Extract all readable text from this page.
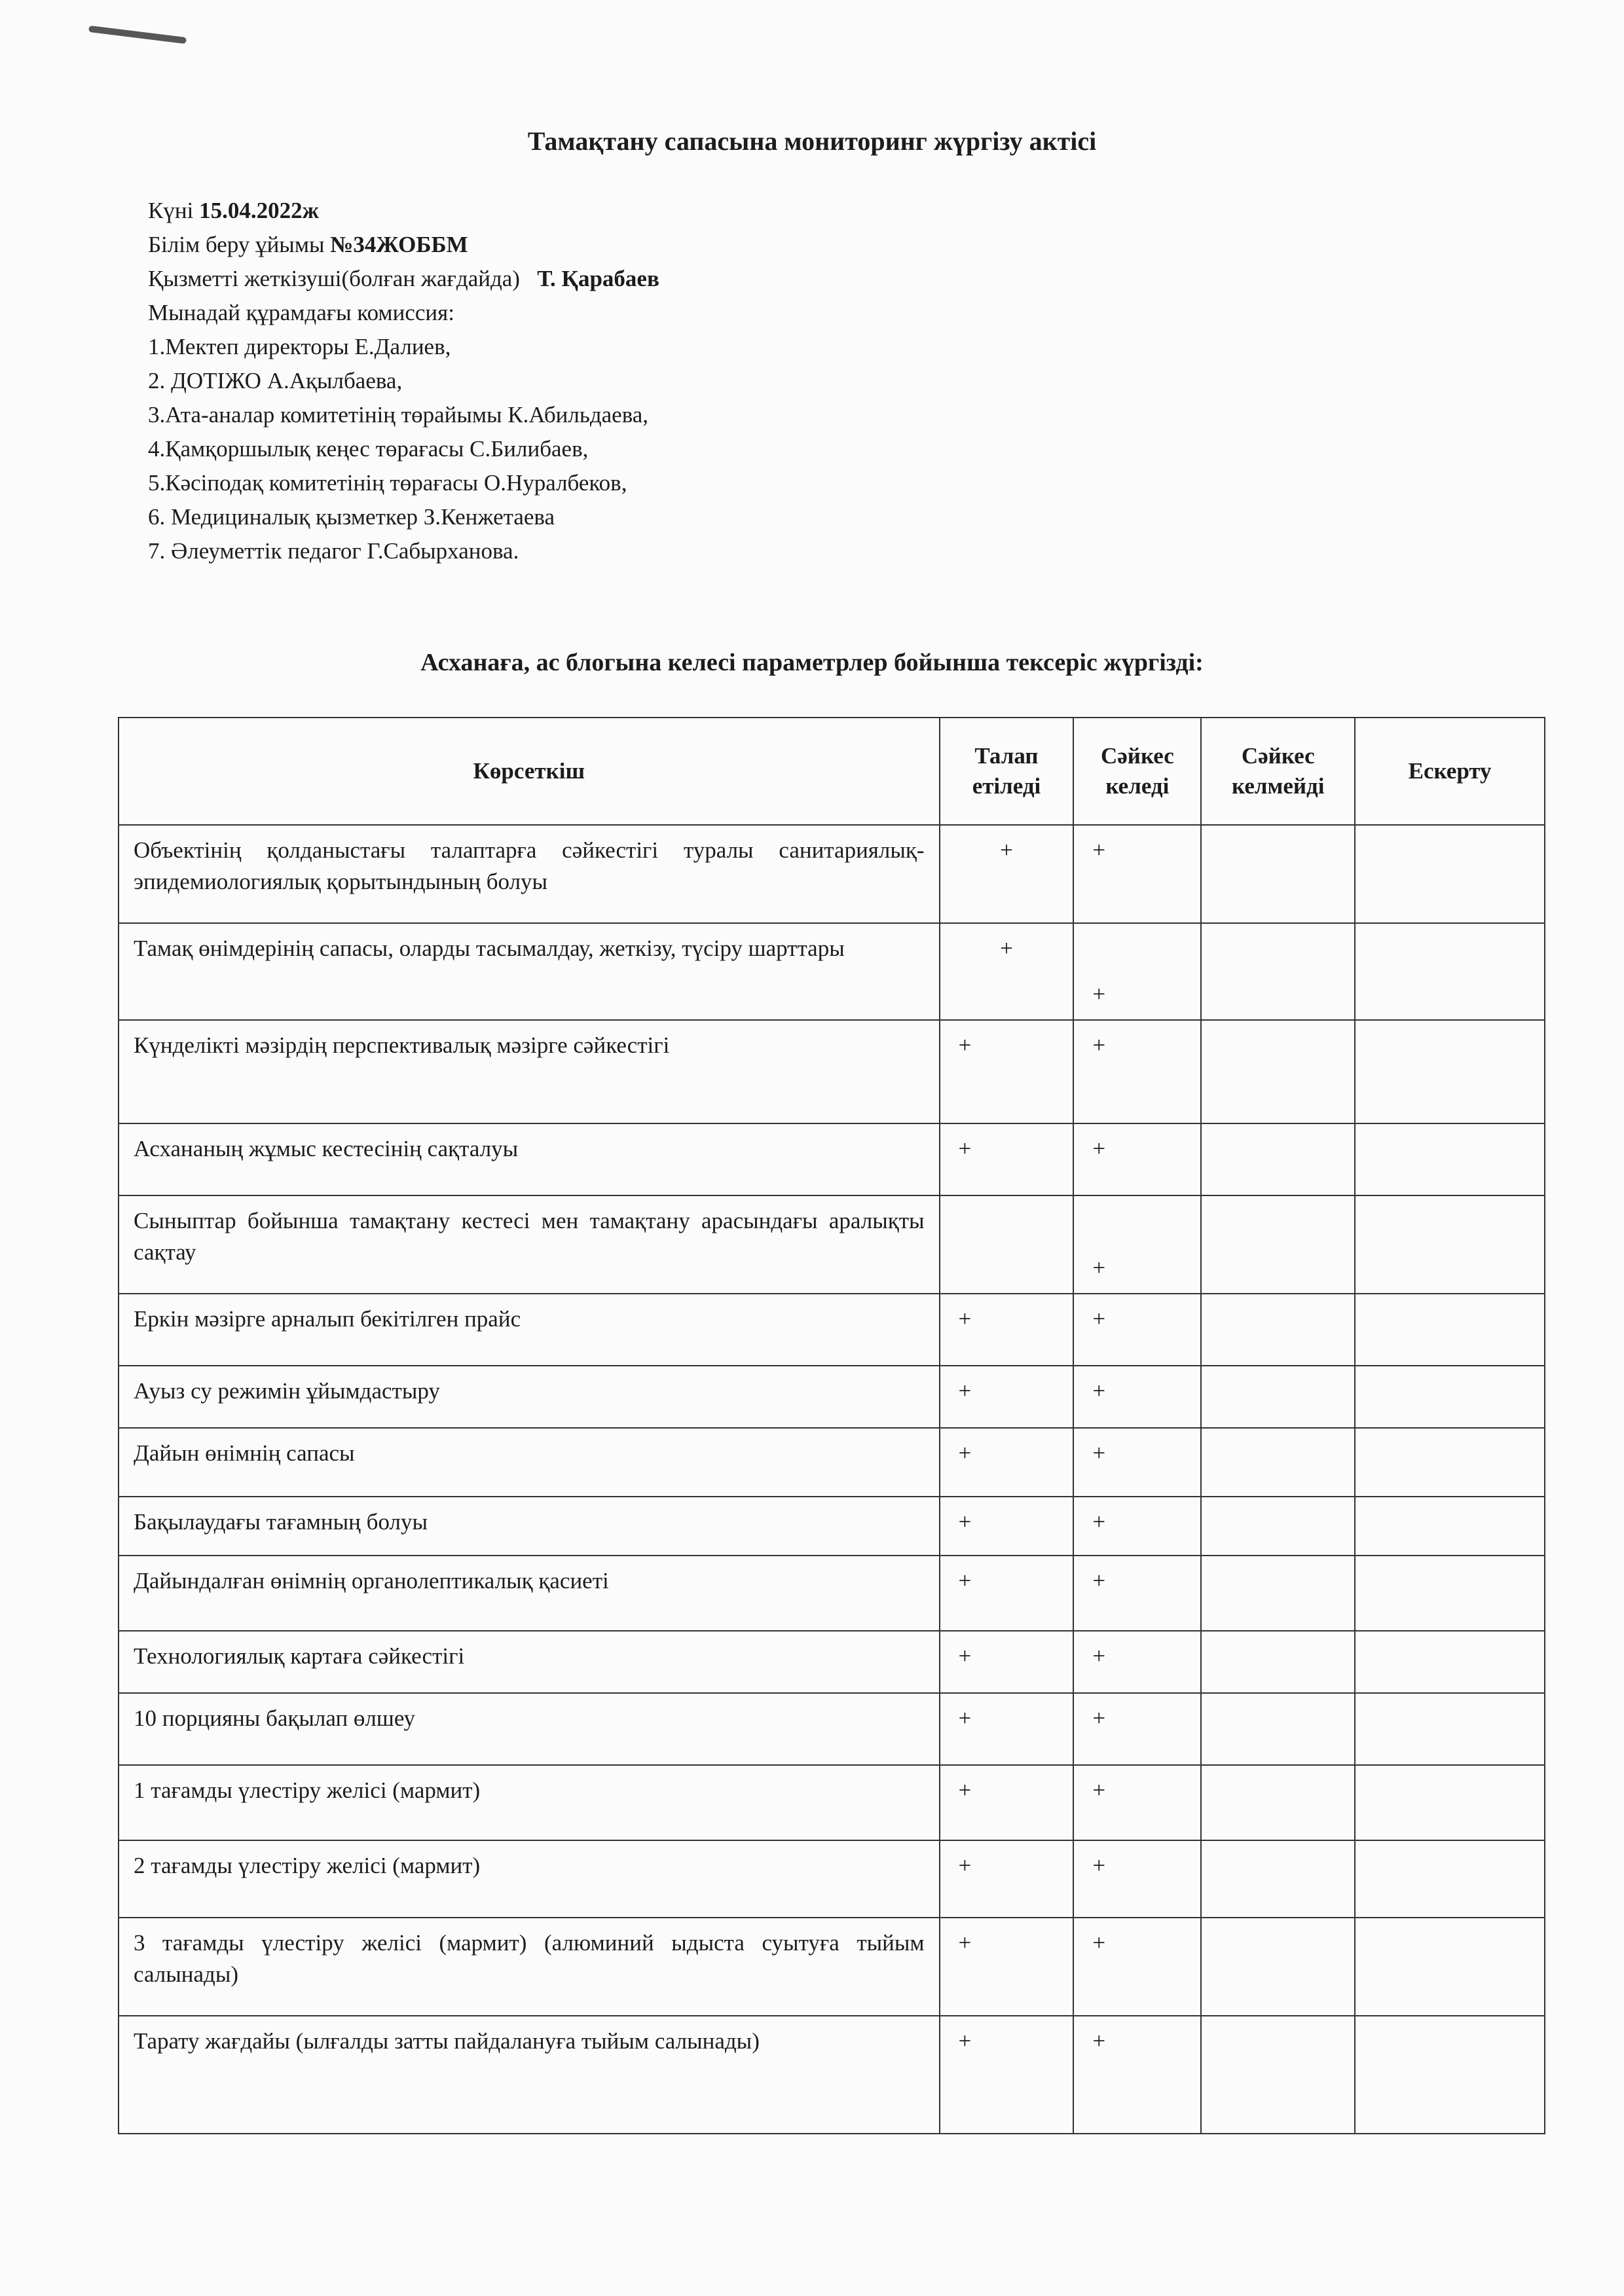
Тамақтану сапасына мониторинг жүргізу актісі
Күні 15.04.2022ж
Білім беру ұйымы №34ЖОББМ
Қызметті жеткізуші(болған жағдайда)   Т. Қарабаев
Мынадай құрамдағы комиссия:
1.Мектеп директоры Е.Далиев,
2. ДОТІЖО А.Ақылбаева,
3.Ата-аналар комитетінің төрайымы К.Абильдаева,
4.Қамқоршылық кеңес төрағасы С.Билибаев,
5.Кәсіподақ комитетінің төрағасы О.Нуралбеков,
6. Медициналық қызметкер З.Кенжетаева
7. Әлеуметтік педагог Г.Сабырханова.
Асханаға, ас блогына келесі параметрлер бойынша тексеріс жүргізді:
Көрсеткіш	Талап етіледі	Сәйкес келеді	Сәйкес келмейді	Ескерту
Объектінің қолданыстағы талаптарға сәйкестігі туралы санитариялық-эпидемиологиялық қорытындының болуы	+	+		
Тамақ өнімдерінің сапасы, оларды тасымалдау, жеткізу, түсіру шарттары	+	+		
Күнделікті мәзірдің перспективалық мәзірге сәйкестігі	+	+		
Асхананың жұмыс кестесінің сақталуы	+	+		
Сыныптар бойынша тамақтану кестесі мен тамақтану арасындағы аралықты сақтау		+		
Еркін мәзірге арналып бекітілген прайс	+	+		
Ауыз су режимін ұйымдастыру	+	+		
Дайын өнімнің сапасы	+	+		
Бақылаудағы тағамның болуы	+	+		
Дайындалған өнімнің органолептикалық қасиеті	+	+		
Технологиялық картаға сәйкестігі	+	+		
10 порцияны бақылап өлшеу	+	+		
1 тағамды үлестіру желісі (мармит)	+	+		
2 тағамды үлестіру желісі (мармит)	+	+		
3 тағамды үлестіру желісі (мармит) (алюминий ыдыста суытуға тыйым салынады)	+	+		
Тарату жағдайы (ылғалды затты пайдалануға тыйым салынады)	+	+		
